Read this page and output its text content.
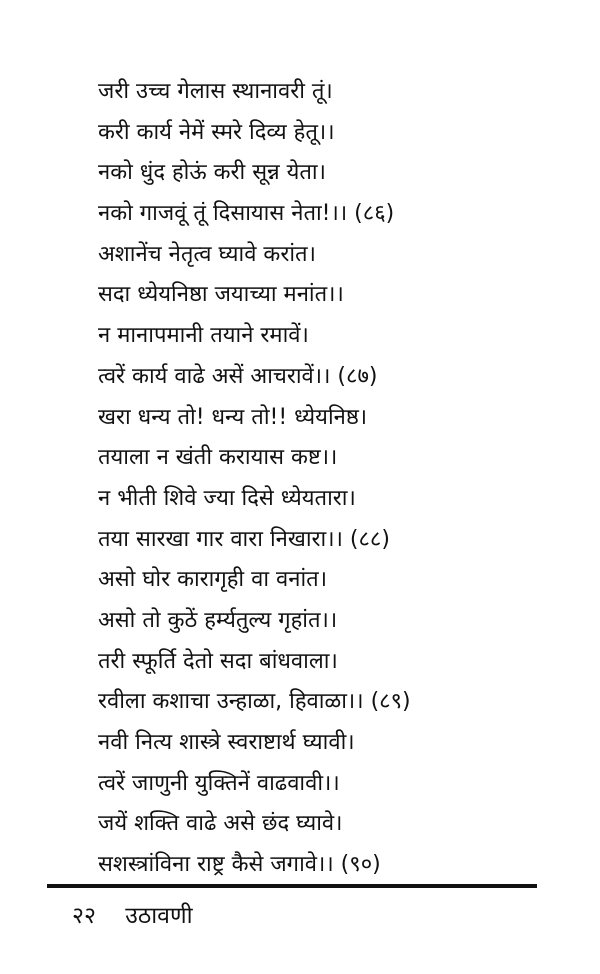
जरी उच्च गेलास स्थानावरी तूं।
करी कार्य नेमें स्मरे दिव्य हेतू।।
नको धुंद होऊं करी सून्न येता।
नको गाजवूं तूं दिसायास नेता!।। (८६)
अशानेंच नेतृत्व घ्यावे करांत।
सदा ध्येयनिष्ठा जयाच्या मनांत।।
न मानापमानी तयाने रमावें।
त्वरें कार्य वाढे असें आचरावें।। (८७)
खरा धन्य तो! धन्य तो!! ध्येयनिष्ठ।
तयाला न खंती करायास कष्ट।।
न भीती शिवे ज्या दिसे ध्येयतारा।
तया सारखा गार वारा निखारा।। (८८)
असो घोर कारागृही वा वनांत।
असो तो कुठें हर्म्यतुल्य गृहांत।।
तरी स्फूर्ति देतो सदा बांधवाला।
रवीला कशाचा उन्हाळा, हिवाळा।। (८९)
नवी नित्य शास्त्रे स्वराष्टार्थ घ्यावी।
त्वरें जाणुनी युक्तिनें वाढवावी।।
जयें शक्ति वाढे असे छंद घ्यावे।
सशस्त्रांविना राष्ट्र कैसे जगावे।। (९०)
२२ उठावणी
